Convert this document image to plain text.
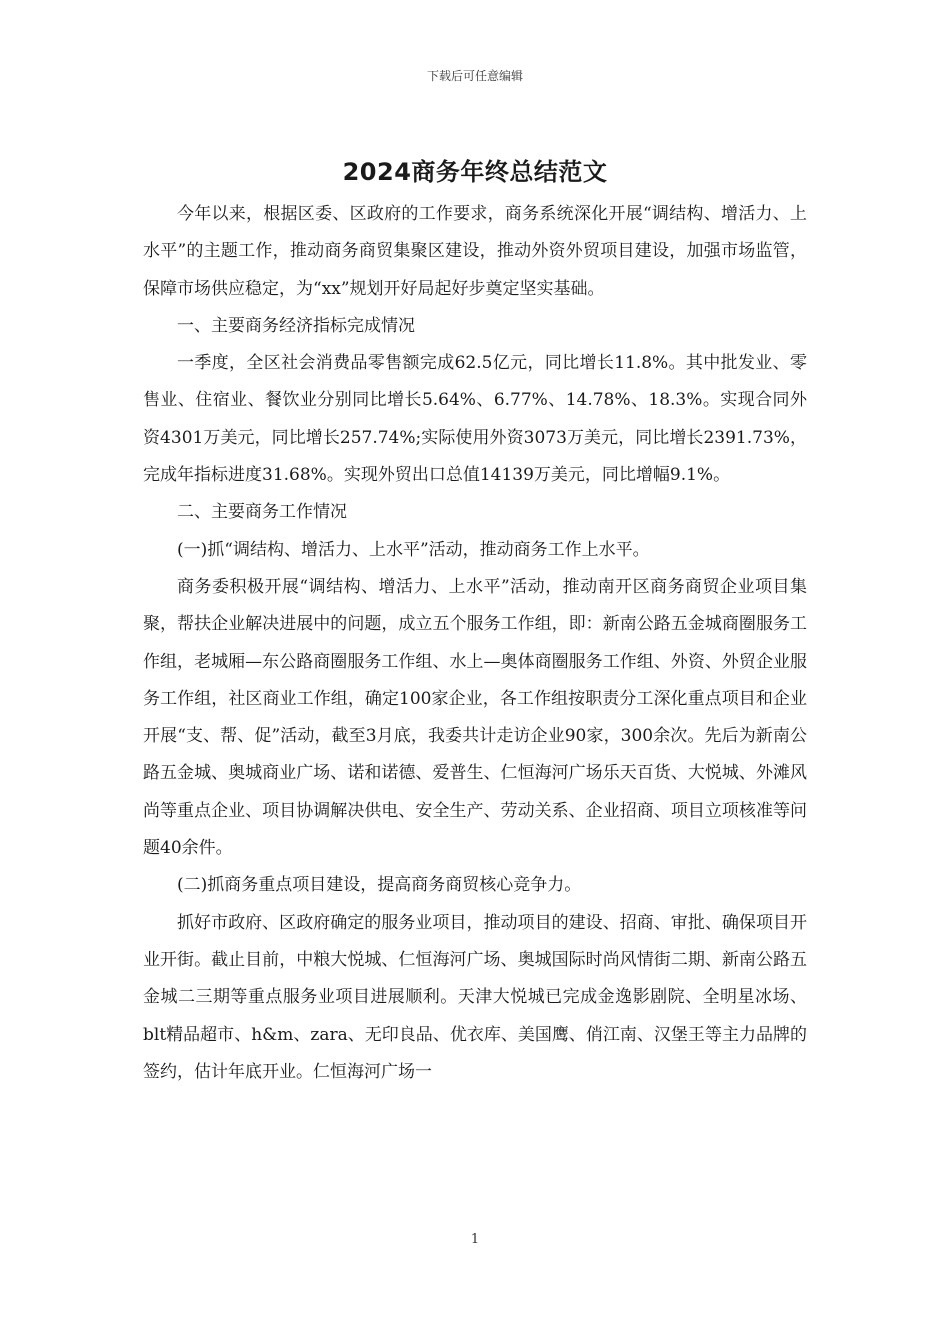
下载后可任意编辑
2024商务年终总结范文

今年以来，根据区委、区政府的工作要求，商务系统深化开展“调结构、增活力、上水平”的主题工作，推动商务商贸集聚区建设，推动外资外贸项目建设，加强市场监管，保障市场供应稳定，为“xx”规划开好局起好步奠定坚实基础。

一、主要商务经济指标完成情况

一季度，全区社会消费品零售额完成62.5亿元，同比增长11.8%。其中批发业、零售业、住宿业、餐饮业分别同比增长5.64%、6.77%、14.78%、18.3%。实现合同外资4301万美元，同比增长257.74%;实际使用外资3073万美元，同比增长2391.73%，完成年指标进度31.68%。实现外贸出口总值14139万美元，同比增幅9.1%。

二、主要商务工作情况

(一)抓“调结构、增活力、上水平”活动，推动商务工作上水平。

商务委积极开展“调结构、增活力、上水平”活动，推动南开区商务商贸企业项目集聚，帮扶企业解决进展中的问题，成立五个服务工作组，即：新南公路五金城商圈服务工作组，老城厢—东公路商圈服务工作组、水上—奥体商圈服务工作组、外资、外贸企业服务工作组，社区商业工作组，确定100家企业，各工作组按职责分工深化重点项目和企业开展“支、帮、促”活动，截至3月底，我委共计走访企业90家，300余次。先后为新南公路五金城、奥城商业广场、诺和诺德、爱普生、仁恒海河广场乐天百货、大悦城、外滩风尚等重点企业、项目协调解决供电、安全生产、劳动关系、企业招商、项目立项核准等问题40余件。

(二)抓商务重点项目建设，提高商务商贸核心竞争力。

抓好市政府、区政府确定的服务业项目，推动项目的建设、招商、审批、确保项目开业开街。截止目前，中粮大悦城、仁恒海河广场、奥城国际时尚风情街二期、新南公路五金城二三期等重点服务业项目进展顺利。天津大悦城已完成金逸影剧院、全明星冰场、blt精品超市、h&m、zara、无印良品、优衣库、美国鹰、俏江南、汉堡王等主力品牌的签约，估计年底开业。仁恒海河广场一

1
